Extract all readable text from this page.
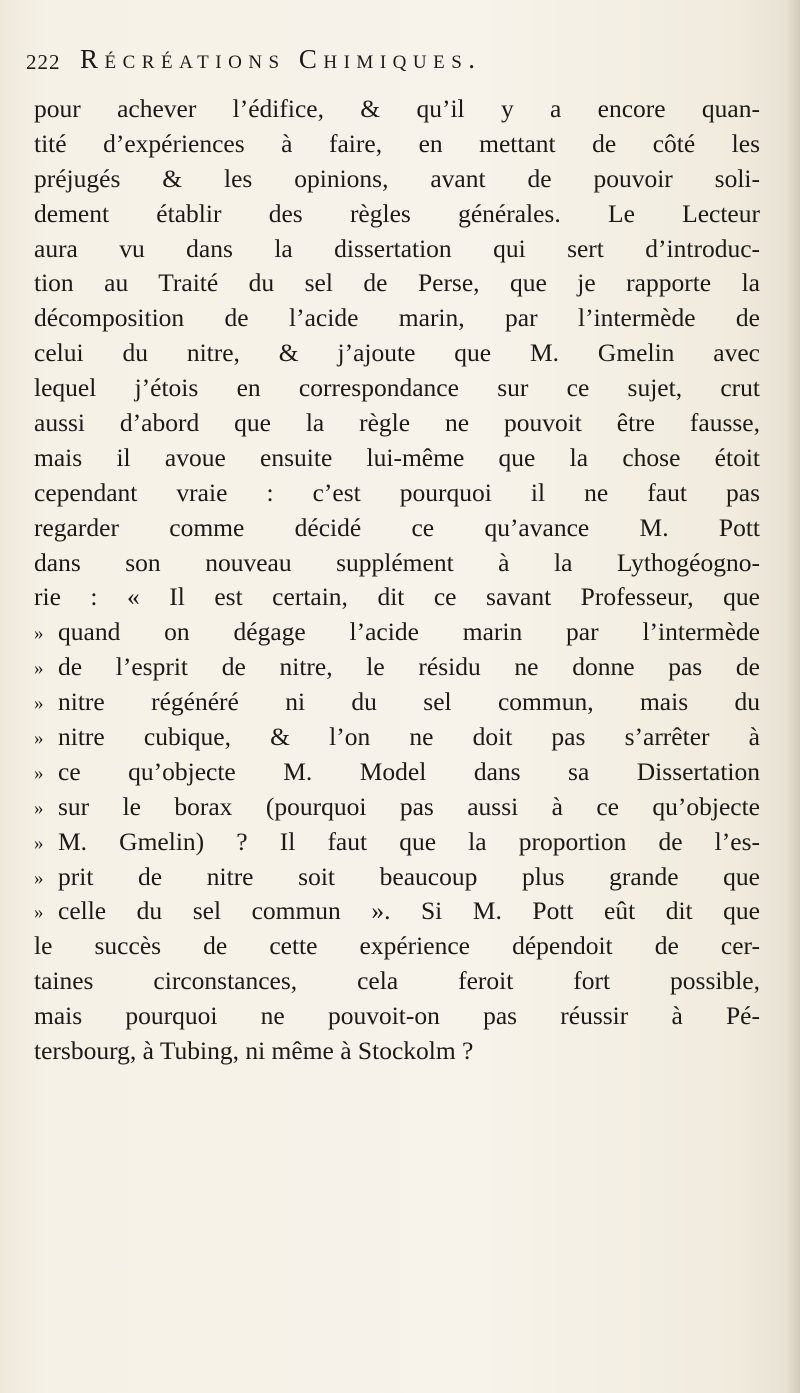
222 Récréations Chimiques.
pour achever l’édifice, & qu’il y a encore quan-
tité d’expériences à faire, en mettant de côté les
préjugés & les opinions, avant de pouvoir soli-
dement établir des règles générales. Le Lecteur
aura vu dans la dissertation qui sert d’introduc-
tion au Traité du sel de Perse, que je rapporte la
décomposition de l’acide marin, par l’intermède de
celui du nitre, & j’ajoute que M. Gmelin avec
lequel j’étois en correspondance sur ce sujet, crut
aussi d’abord que la règle ne pouvoit être fausse,
mais il avoue ensuite lui-même que la chose étoit
cependant vraie : c’est pourquoi il ne faut pas
regarder comme décidé ce qu’avance M. Pott
dans son nouveau supplément à la Lythogéogno-
rie : « Il est certain, dit ce savant Professeur, que
» quand on dégage l’acide marin par l’intermède
» de l’esprit de nitre, le résidu ne donne pas de
» nitre régénéré ni du sel commun, mais du
» nitre cubique, & l’on ne doit pas s’arrêter à
» ce qu’objecte M. Model dans sa Dissertation
» sur le borax (pourquoi pas aussi à ce qu’objecte
» M. Gmelin) ? Il faut que la proportion de l’es-
» prit de nitre soit beaucoup plus grande que
» celle du sel commun ». Si M. Pott eût dit que
le succès de cette expérience dépendoit de cer-
taines circonstances, cela feroit fort possible,
mais pourquoi ne pouvoit-on pas réussir à Pé-
tersbourg, à Tubing, ni même à Stockolm ?
